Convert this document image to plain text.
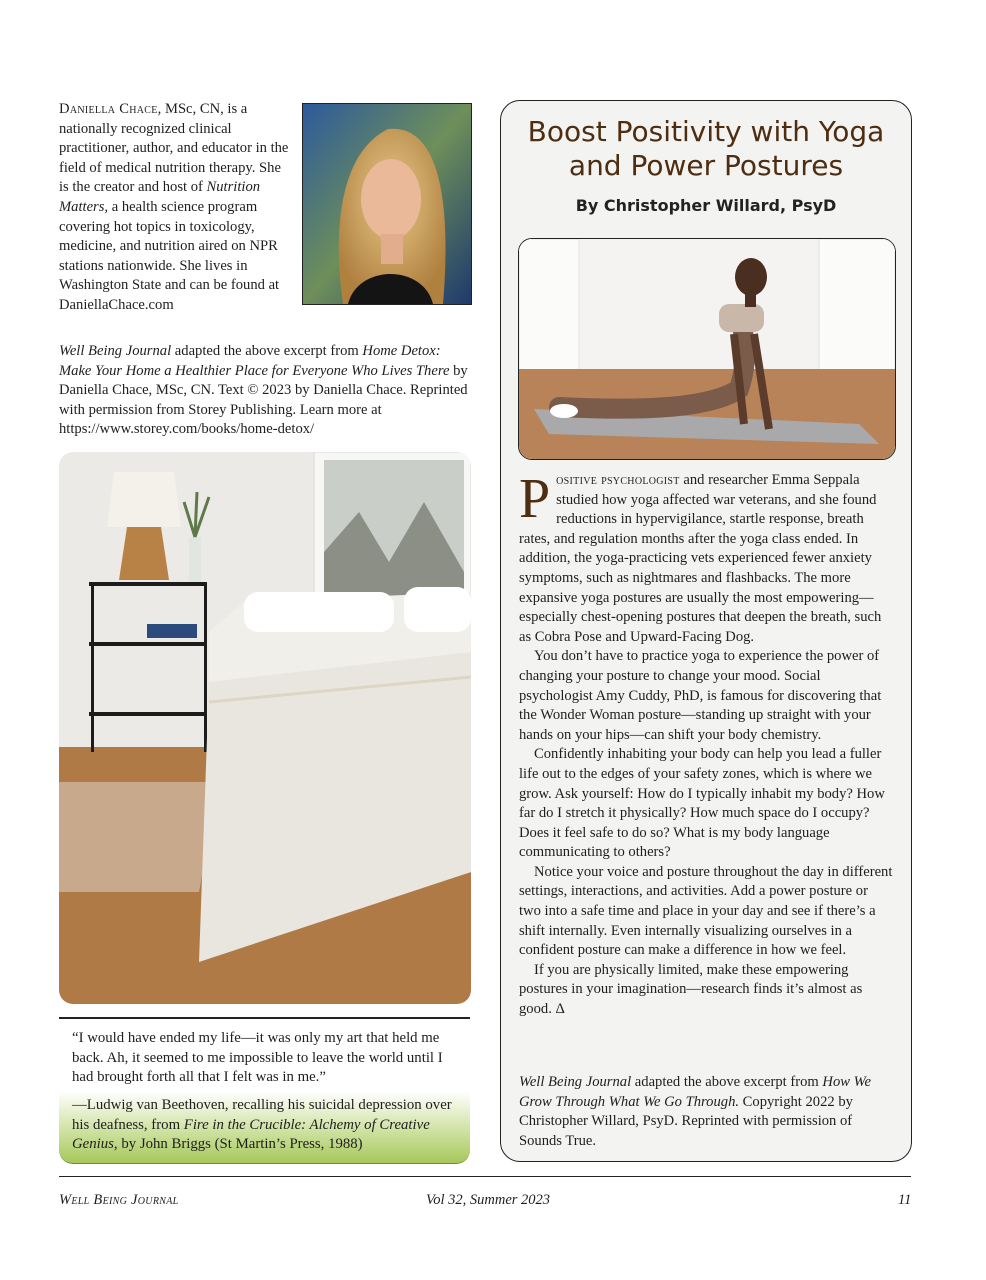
Daniella Chace, MSc, CN, is a nationally recognized clinical practitioner, author, and educator in the field of medical nutrition therapy. She is the creator and host of Nutrition Matters, a health science program covering hot topics in toxicology, medicine, and nutrition aired on NPR stations nationwide. She lives in Washington State and can be found at DaniellaChace.com
Well Being Journal adapted the above excerpt from Home Detox: Make Your Home a Healthier Place for Everyone Who Lives There by Daniella Chace, MSc, CN. Text © 2023 by Daniella Chace. Reprinted with permission from Storey Publishing. Learn more at https://www.storey.com/books/home-detox/
“I would have ended my life—it was only my art that held me back. Ah, it seemed to me impossible to leave the world until I had brought forth all that I felt was in me.”
—Ludwig van Beethoven, recalling his suicidal depression over his deafness, from Fire in the Crucible: Alchemy of Creative Genius, by John Briggs (St Martin’s Press, 1988)
Boost Positivity with Yoga and Power Postures
By Christopher Willard, PsyD

Positive psychologist and researcher Emma Seppala studied how yoga affected war veterans, and she found reductions in hypervigilance, startle response, breath rates, and regulation months after the yoga class ended. In addition, the yoga-practicing vets experienced fewer anxiety symptoms, such as nightmares and flashbacks. The more expansive yoga postures are usually the most empowering—especially chest-opening postures that deepen the breath, such as Cobra Pose and Upward-Facing Dog.

You don’t have to practice yoga to experience the power of changing your posture to change your mood. Social psychologist Amy Cuddy, PhD, is famous for discovering that the Wonder Woman posture—standing up straight with your hands on your hips—can shift your body chemistry.

Confidently inhabiting your body can help you lead a fuller life out to the edges of your safety zones, which is where we grow. Ask yourself: How do I typically inhabit my body? How far do I stretch it physically? How much space do I occupy? Does it feel safe to do so? What is my body language communicating to others?

Notice your voice and posture throughout the day in different settings, interactions, and activities. Add a power posture or two into a safe time and place in your day and see if there’s a shift internally. Even internally visualizing ourselves in a confident posture can make a difference in how we feel.

If you are physically limited, make these empowering postures in your imagination—research finds it’s almost as good. Δ

Well Being Journal adapted the above excerpt from How We Grow Through What We Go Through. Copyright 2022 by Christopher Willard, PsyD. Reprinted with permission of Sounds True.
Well Being Journal	Vol 32, Summer 2023	11
